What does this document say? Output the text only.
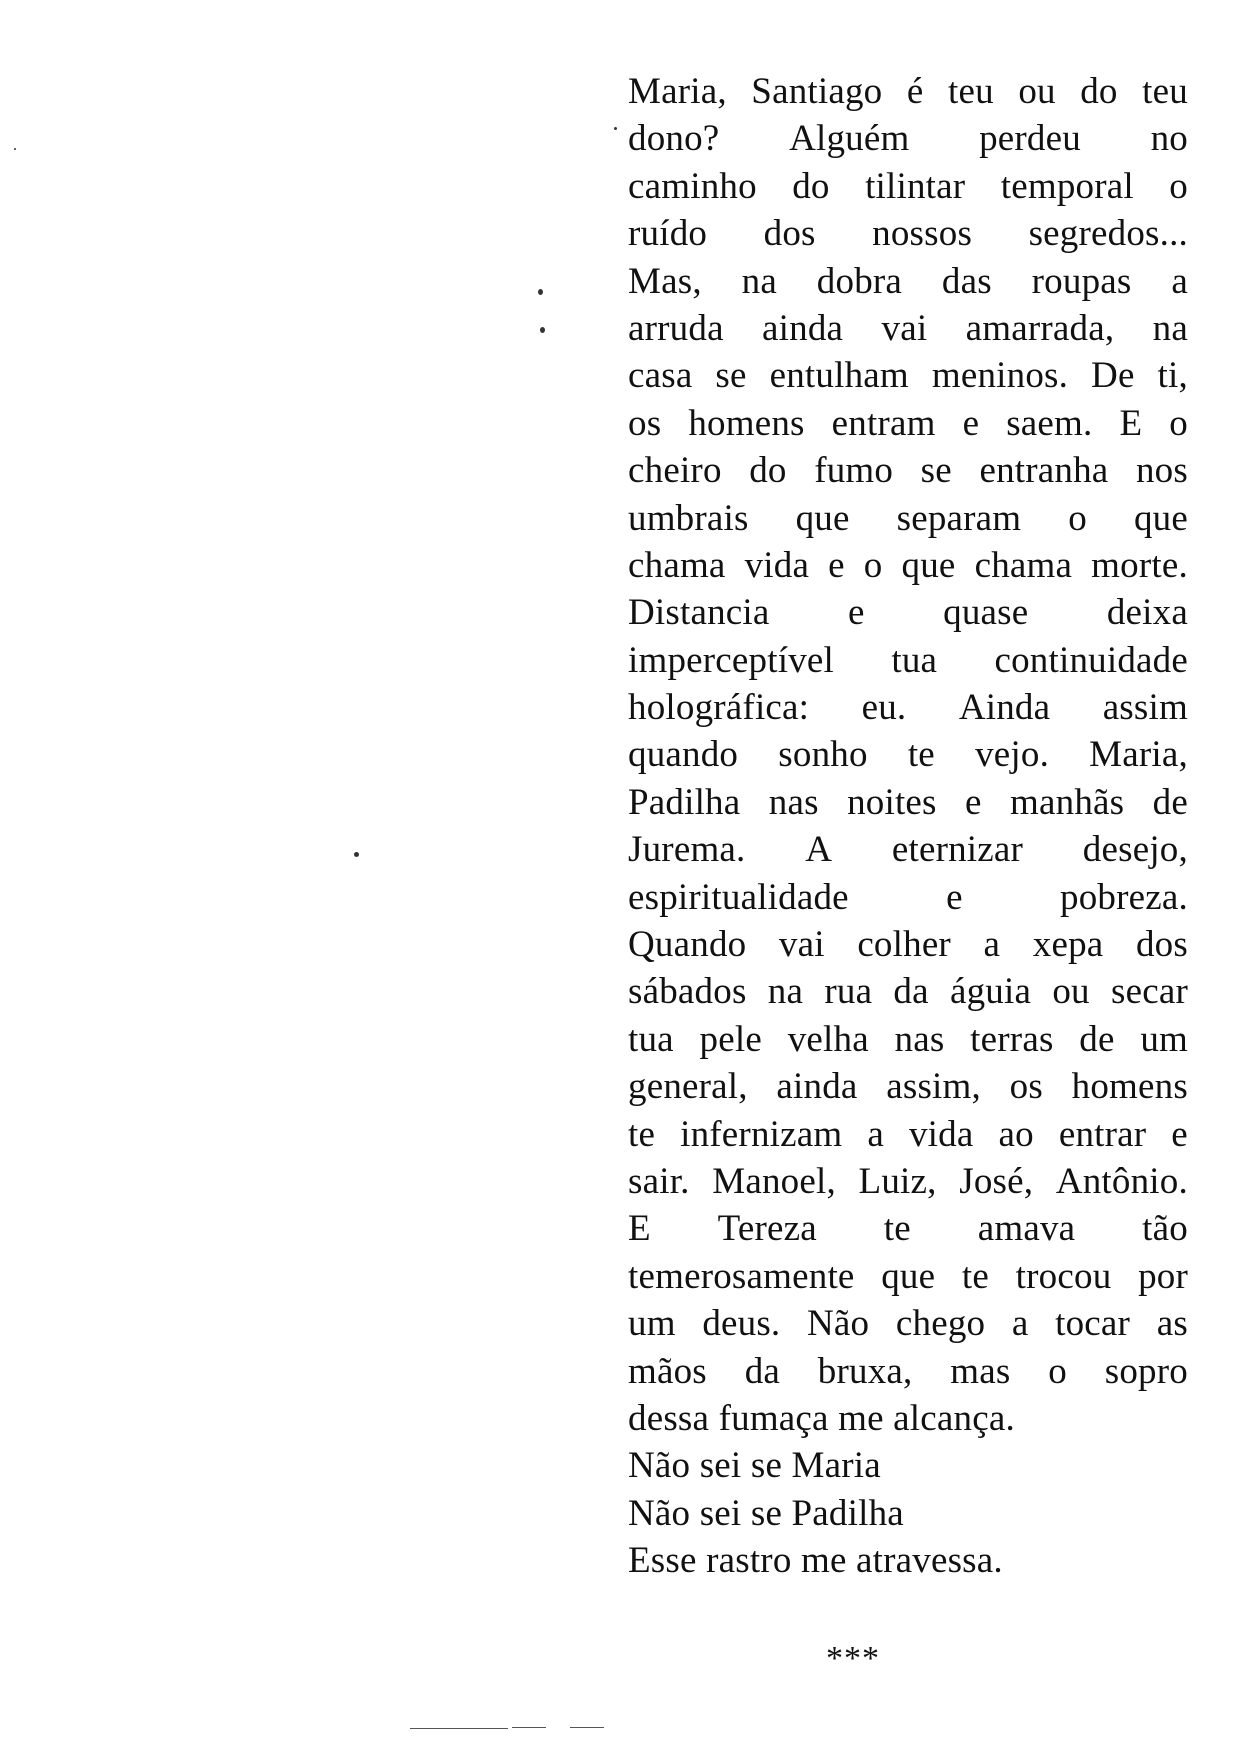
Maria, Santiago é teu ou do teu
dono? Alguém perdeu no
caminho do tilintar temporal o
ruído dos nossos segredos...
Mas, na dobra das roupas a
arruda ainda vai amarrada, na
casa se entulham meninos. De ti,
os homens entram e saem. E o
cheiro do fumo se entranha nos
umbrais que separam o que
chama vida e o que chama morte.
Distancia e quase deixa
imperceptível tua continuidade
holográfica: eu. Ainda assim
quando sonho te vejo. Maria,
Padilha nas noites e manhãs de
Jurema. A eternizar desejo,
espiritualidade	e	pobreza.
Quando vai colher a xepa dos
sábados na rua da águia ou secar
tua pele velha nas terras de um
general, ainda assim, os homens
te infernizam a vida ao entrar e
sair. Manoel, Luiz, José, Antônio.
E Tereza te amava tão
temerosamente que te trocou por
um deus. Não chego a tocar as
mãos da bruxa, mas o sopro
dessa fumaça me alcança.
Não sei se Maria
Não sei se Padilha
Esse rastro me atravessa.
***
